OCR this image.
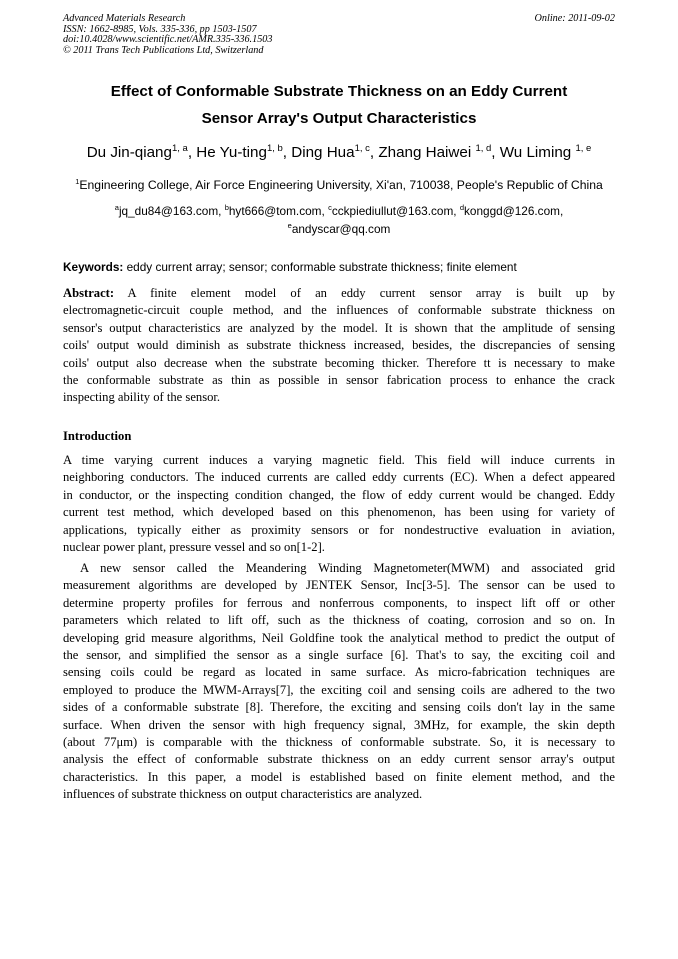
Advanced Materials Research
ISSN: 1662-8985, Vols. 335-336, pp 1503-1507
doi:10.4028/www.scientific.net/AMR.335-336.1503
© 2011 Trans Tech Publications Ltd, Switzerland
Online: 2011-09-02
Effect of Conformable Substrate Thickness on an Eddy Current
Sensor Array's Output Characteristics
Du Jin-qiang$^{1, a}$, He Yu-ting$^{1, b}$, Ding Hua$^{1, c}$, Zhang Haiwei $^{1, d}$, Wu Liming $^{1, e}$
$^1$Engineering College, Air Force Engineering University, Xi'an, 710038, People's Republic of China
$^a$jq_du84@163.com, $^b$hyt666@tom.com, $^c$cckpiediullut@163.com, $^d$konggd@126.com,
$^e$andyscar@qq.com
Keywords: eddy current array; sensor; conformable substrate thickness; finite element
Abstract: A finite element model of an eddy current sensor array is built up by
electromagnetic-circuit couple method, and the influences of conformable substrate thickness on
sensor's output characteristics are analyzed by the model. It is shown that the amplitude of sensing
coils' output would diminish as substrate thickness increased, besides, the discrepancies of sensing
coils' output also decrease when the substrate becoming thicker. Therefore tt is necessary to make
the conformable substrate as thin as possible in sensor fabrication process to enhance the crack
inspecting ability of the sensor.
Introduction
A time varying current induces a varying magnetic field. This field will induce currents in
neighboring conductors. The induced currents are called eddy currents (EC). When a defect appeared
in conductor, or the inspecting condition changed, the flow of eddy current would be changed. Eddy
current test method, which developed based on this phenomenon, has been using for variety of
applications, typically either as proximity sensors or for nondestructive evaluation in aviation,
nuclear power plant, pressure vessel and so on[1-2].
A new sensor called the Meandering Winding Magnetometer(MWM) and associated grid
measurement algorithms are developed by JENTEK Sensor, Inc[3-5]. The sensor can be used to
determine property profiles for ferrous and nonferrous components, to inspect lift off or other
parameters which related to lift off, such as the thickness of coating, corrosion and so on. In
developing grid measure algorithms, Neil Goldfine took the analytical method to predict the output of
the sensor, and simplified the sensor as a single surface [6]. That's to say, the exciting coil and
sensing coils could be regard as located in same surface. As micro-fabrication techniques are
employed to produce the MWM-Arrays[7], the exciting coil and sensing coils are adhered to the two
sides of a conformable substrate [8]. Therefore, the exciting and sensing coils don't lay in the same
surface. When driven the sensor with high frequency signal, 3MHz, for example, the skin depth
(about 77μm) is comparable with the thickness of conformable substrate. So, it is necessary to
analysis the effect of conformable substrate thickness on an eddy current sensor array's output
characteristics. In this paper, a model is established based on finite element method, and the
influences of substrate thickness on output characteristics are analyzed.
